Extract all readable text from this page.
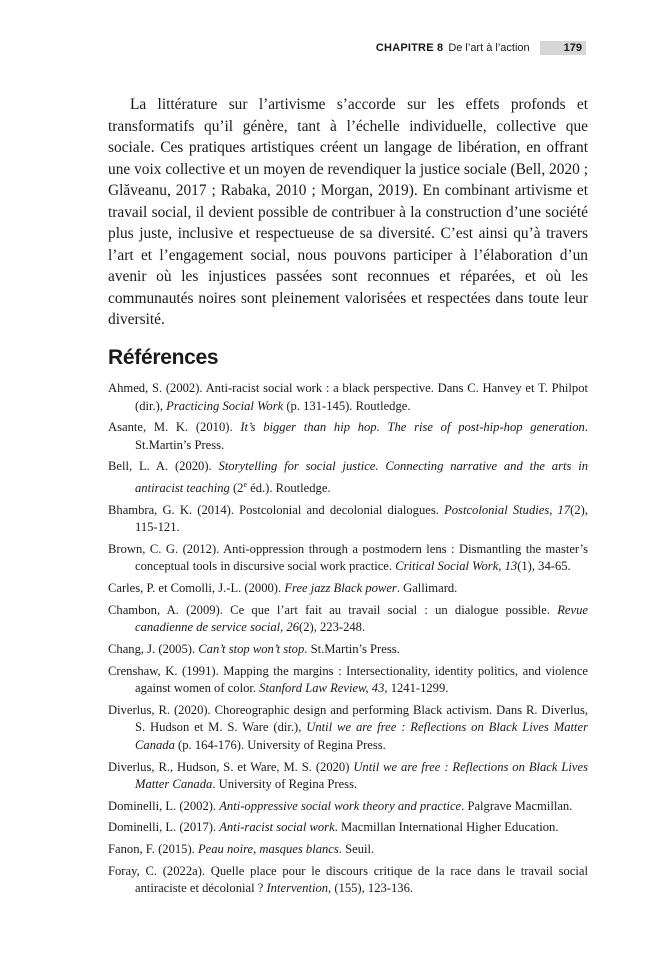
CHAPITRE 8 De l’art à l’action	179

La littérature sur l’artivisme s’accorde sur les effets profonds et transformatifs qu’il génère, tant à l’échelle individuelle, collective que sociale. Ces pratiques artistiques créent un langage de libération, en offrant une voix collective et un moyen de revendiquer la justice sociale (Bell, 2020 ; Glăveanu, 2017 ; Rabaka, 2010 ; Morgan, 2019). En combinant artivisme et travail social, il devient possible de contribuer à la construction d’une société plus juste, inclusive et respectueuse de sa diversité. C’est ainsi qu’à travers l’art et l’engagement social, nous pouvons participer à l’élaboration d’un avenir où les injustices passées sont reconnues et réparées, et où les communautés noires sont pleinement valorisées et respectées dans toute leur diversité.

Références
Ahmed, S. (2002). Anti-racist social work : a black perspective. Dans C. Hanvey et T. Philpot (dir.), Practicing Social Work (p. 131-145). Routledge.
Asante, M. K. (2010). It’s bigger than hip hop. The rise of post-hip-hop generation. St.Martin’s Press.
Bell, L. A. (2020). Storytelling for social justice. Connecting narrative and the arts in antiracist teaching (2e éd.). Routledge.
Bhambra, G. K. (2014). Postcolonial and decolonial dialogues. Postcolonial Studies, 17(2), 115-121.
Brown, C. G. (2012). Anti-oppression through a postmodern lens : Dismantling the master’s conceptual tools in discursive social work practice. Critical Social Work, 13(1), 34-65.
Carles, P. et Comolli, J.-L. (2000). Free jazz Black power. Gallimard.
Chambon, A. (2009). Ce que l’art fait au travail social : un dialogue possible. Revue canadienne de service social, 26(2), 223-248.
Chang, J. (2005). Can’t stop won’t stop. St.Martin’s Press.
Crenshaw, K. (1991). Mapping the margins : Intersectionality, identity politics, and violence against women of color. Stanford Law Review, 43, 1241-1299.
Diverlus, R. (2020). Choreographic design and performing Black activism. Dans R. Diverlus, S. Hudson et M. S. Ware (dir.), Until we are free : Reflections on Black Lives Matter Canada (p. 164-176). University of Regina Press.
Diverlus, R., Hudson, S. et Ware, M. S. (2020) Until we are free : Reflections on Black Lives Matter Canada. University of Regina Press.
Dominelli, L. (2002). Anti-oppressive social work theory and practice. Palgrave Macmillan.
Dominelli, L. (2017). Anti-racist social work. Macmillan International Higher Education.
Fanon, F. (2015). Peau noire, masques blancs. Seuil.
Foray, C. (2022a). Quelle place pour le discours critique de la race dans le travail social antiraciste et décolonial ? Intervention, (155), 123-136.
